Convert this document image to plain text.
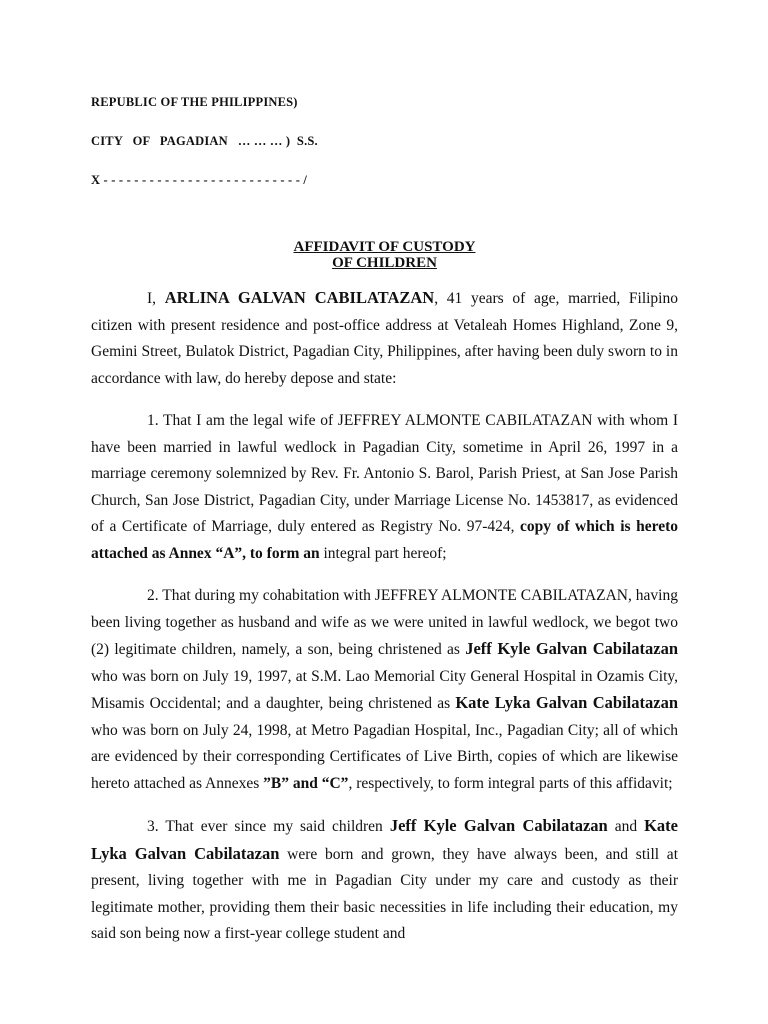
REPUBLIC OF THE PHILIPPINES)

CITY   OF   PAGADIAN   … … … )  S.S.

X - - - - - - - - - - - - - - - - - - - - - - - - - - /

AFFIDAVIT OF CUSTODY
OF CHILDREN

I, ARLINA GALVAN CABILATAZAN, 41 years of age, married, Filipino citizen with present residence and post-office address at Vetaleah Homes Highland, Zone 9, Gemini Street, Bulatok District, Pagadian City, Philippines, after having been duly sworn to in accordance with law, do hereby depose and state:

1. That I am the legal wife of JEFFREY ALMONTE CABILATAZAN with whom I have been married in lawful wedlock in Pagadian City, sometime in April 26, 1997 in a marriage ceremony solemnized by Rev. Fr. Antonio S. Barol, Parish Priest, at San Jose Parish Church, San Jose District, Pagadian City, under Marriage License No. 1453817, as evidenced of a Certificate of Marriage, duly entered as Registry No. 97-424, copy of which is hereto attached as Annex “A”, to form an integral part hereof;

2. That during my cohabitation with JEFFREY ALMONTE CABILATAZAN, having been living together as husband and wife as we were united in lawful wedlock, we begot two (2) legitimate children, namely, a son, being christened as Jeff Kyle Galvan Cabilatazan who was born on July 19, 1997, at S.M. Lao Memorial City General Hospital in Ozamis City, Misamis Occidental; and a daughter, being christened as Kate Lyka Galvan Cabilatazan who was born on July 24, 1998, at Metro Pagadian Hospital, Inc., Pagadian City; all of which are evidenced by their corresponding Certificates of Live Birth, copies of which are likewise hereto attached as Annexes ”B” and “C”, respectively, to form integral parts of this affidavit;

3. That ever since my said children Jeff Kyle Galvan Cabilatazan and Kate Lyka Galvan Cabilatazan were born and grown, they have always been, and still at present, living together with me in Pagadian City under my care and custody as their legitimate mother, providing them their basic necessities in life including their education, my said son being now a first-year college student and
